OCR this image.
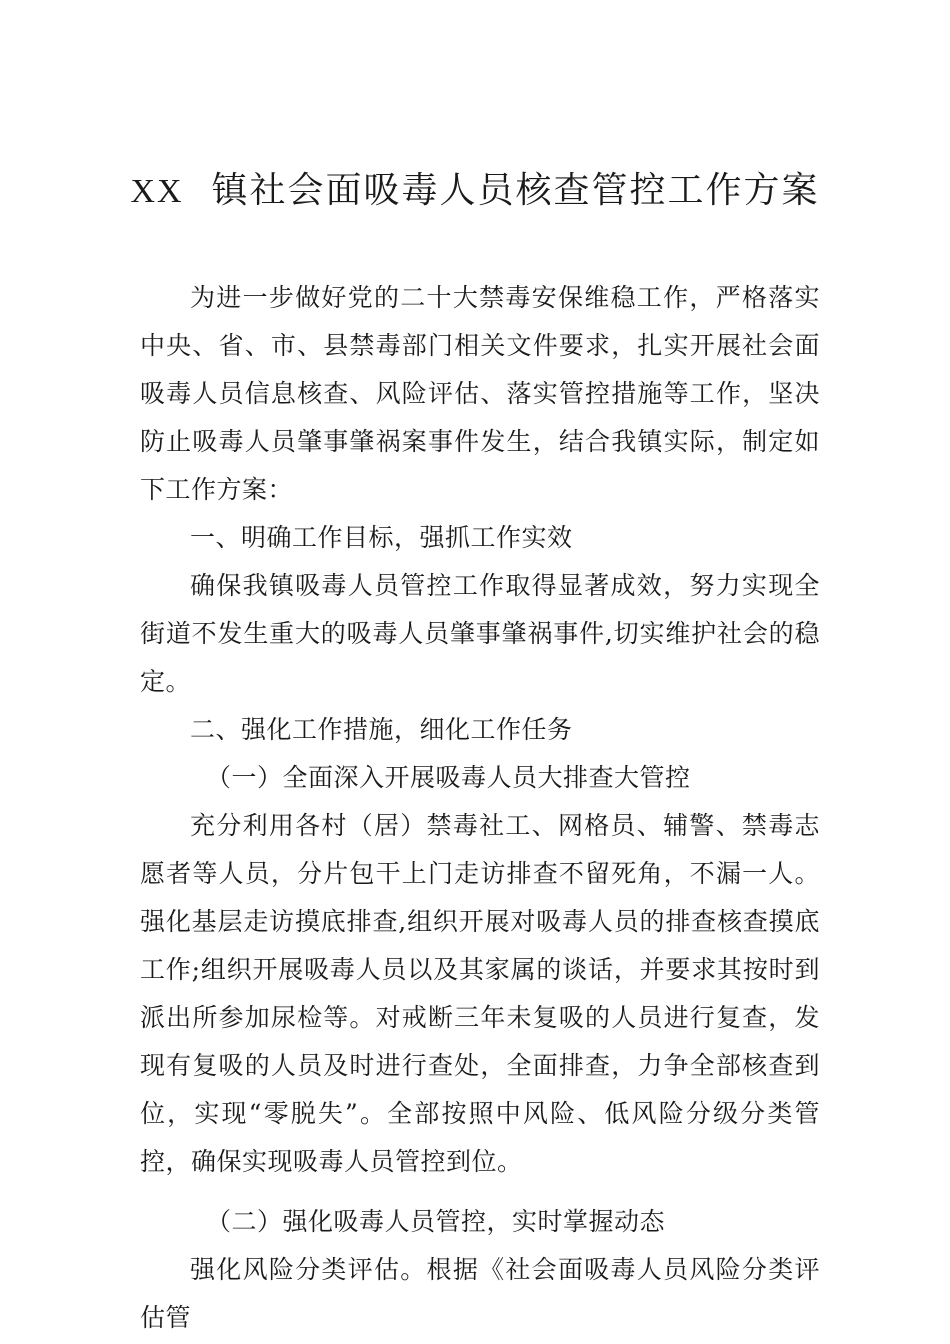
XX 镇社会面吸毒人员核查管控工作方案

为进一步做好党的二十大禁毒安保维稳工作，严格落实中央、省、市、县禁毒部门相关文件要求，扎实开展社会面吸毒人员信息核查、风险评估、落实管控措施等工作，坚决防止吸毒人员肇事肇祸案事件发生，结合我镇实际，制定如下工作方案：

一、明确工作目标，强抓工作实效

确保我镇吸毒人员管控工作取得显著成效，努力实现全街道不发生重大的吸毒人员肇事肇祸事件,切实维护社会的稳定。

二、强化工作措施，细化工作任务

（一）全面深入开展吸毒人员大排查大管控

充分利用各村（居）禁毒社工、网格员、辅警、禁毒志愿者等人员，分片包干上门走访排查不留死角，不漏一人。强化基层走访摸底排查,组织开展对吸毒人员的排查核查摸底工作;组织开展吸毒人员以及其家属的谈话，并要求其按时到派出所参加尿检等。对戒断三年未复吸的人员进行复查，发现有复吸的人员及时进行查处，全面排查，力争全部核查到位，实现“零脱失”。全部按照中风险、低风险分级分类管控，确保实现吸毒人员管控到位。

（二）强化吸毒人员管控，实时掌握动态

强化风险分类评估。根据《社会面吸毒人员风险分类评估管
